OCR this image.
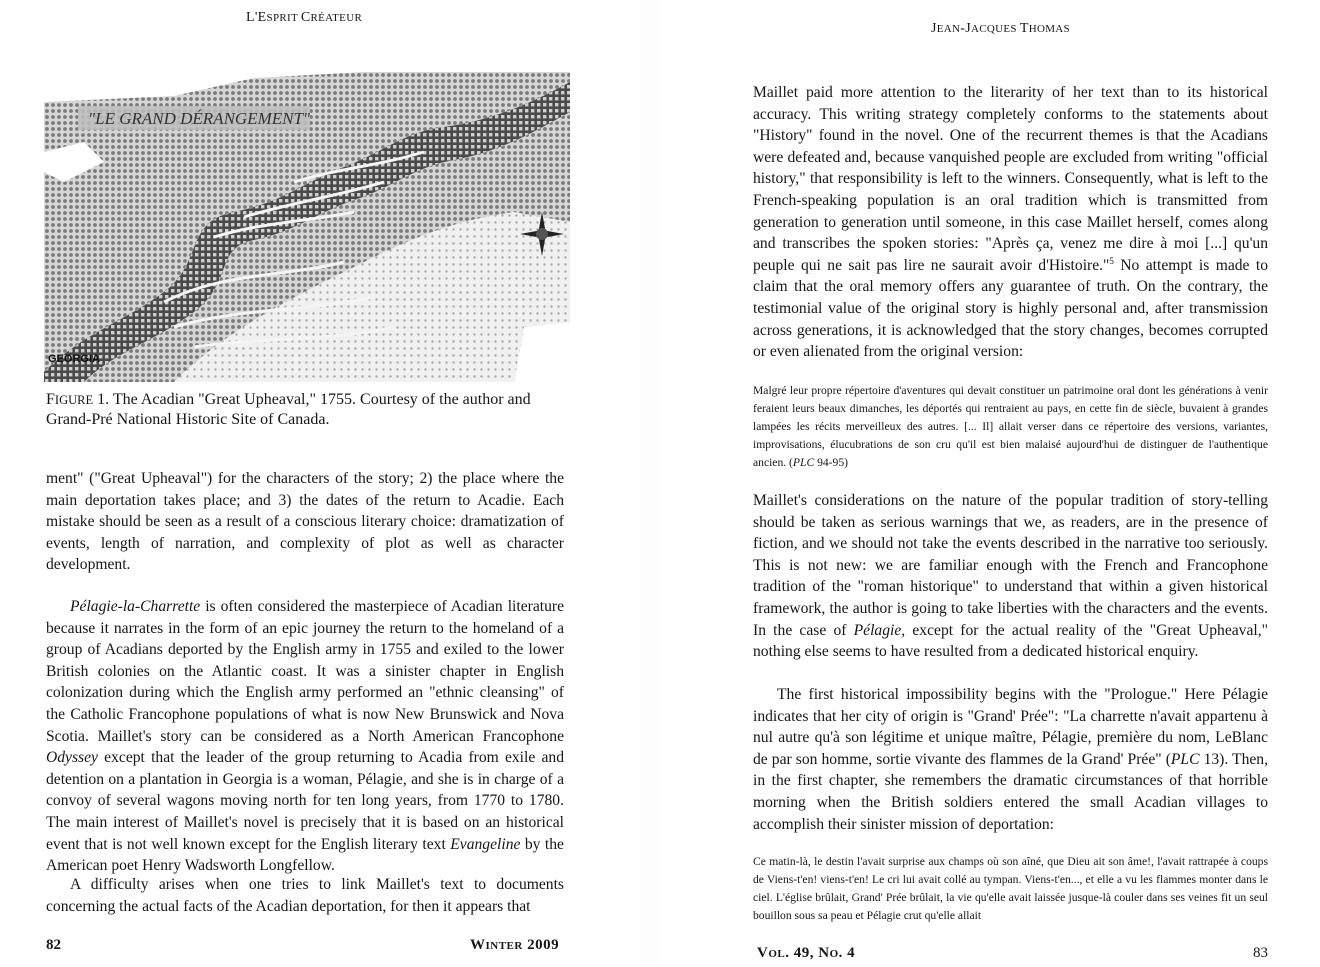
L'ESPRIT CRÉATEUR
"LE GRAND DÉRANGEMENT"
GEORGIA
FIGURE 1. The Acadian "Great Upheaval," 1755. Courtesy of the author and Grand-Pré National Historic Site of Canada.

ment" ("Great Upheaval") for the characters of the story; 2) the place where the main deportation takes place; and 3) the dates of the return to Acadie. Each mistake should be seen as a result of a conscious literary choice: dramatization of events, length of narration, and complexity of plot as well as character development.

Pélagie-la-Charrette is often considered the masterpiece of Acadian literature because it narrates in the form of an epic journey the return to the homeland of a group of Acadians deported by the English army in 1755 and exiled to the lower British colonies on the Atlantic coast. It was a sinister chapter in English colonization during which the English army performed an "ethnic cleansing" of the Catholic Francophone populations of what is now New Brunswick and Nova Scotia. Maillet's story can be considered as a North American Francophone Odyssey except that the leader of the group returning to Acadia from exile and detention on a plantation in Georgia is a woman, Pélagie, and she is in charge of a convoy of several wagons moving north for ten long years, from 1770 to 1780. The main interest of Maillet's novel is precisely that it is based on an historical event that is not well known except for the English literary text Evangeline by the American poet Henry Wadsworth Longfellow.

A difficulty arises when one tries to link Maillet's text to documents concerning the actual facts of the Acadian deportation, for then it appears that

82	WINTER 2009
JEAN-JACQUES THOMAS

Maillet paid more attention to the literarity of her text than to its historical accuracy. This writing strategy completely conforms to the statements about "History" found in the novel. One of the recurrent themes is that the Acadians were defeated and, because vanquished people are excluded from writing "official history," that responsibility is left to the winners. Consequently, what is left to the French-speaking population is an oral tradition which is transmitted from generation to generation until someone, in this case Maillet herself, comes along and transcribes the spoken stories: "Après ça, venez me dire à moi [...] qu'un peuple qui ne sait pas lire ne saurait avoir d'Histoire."$^5$ No attempt is made to claim that the oral memory offers any guarantee of truth. On the contrary, the testimonial value of the original story is highly personal and, after transmission across generations, it is acknowledged that the story changes, becomes corrupted or even alienated from the original version:

Malgré leur propre répertoire d'aventures qui devait constituer un patrimoine oral dont les générations à venir feraient leurs beaux dimanches, les déportés qui rentraient au pays, en cette fin de siècle, buvaient à grandes lampées les récits merveilleux des autres. [... Il] allait verser dans ce répertoire des versions, variantes, improvisations, élucubrations de son cru qu'il est bien malaisé aujourd'hui de distinguer de l'authentique ancien. (PLC 94-95)

Maillet's considerations on the nature of the popular tradition of story-telling should be taken as serious warnings that we, as readers, are in the presence of fiction, and we should not take the events described in the narrative too seriously. This is not new: we are familiar enough with the French and Francophone tradition of the "roman historique" to understand that within a given historical framework, the author is going to take liberties with the characters and the events. In the case of Pélagie, except for the actual reality of the "Great Upheaval," nothing else seems to have resulted from a dedicated historical enquiry.

The first historical impossibility begins with the "Prologue." Here Pélagie indicates that her city of origin is "Grand' Prée": "La charrette n'avait appartenu à nul autre qu'à son légitime et unique maître, Pélagie, première du nom, LeBlanc de par son homme, sortie vivante des flammes de la Grand' Prée" (PLC 13). Then, in the first chapter, she remembers the dramatic circumstances of that horrible morning when the British soldiers entered the small Acadian villages to accomplish their sinister mission of deportation:

Ce matin-là, le destin l'avait surprise aux champs où son aîné, que Dieu ait son âme!, l'avait rattrapée à coups de Viens-t'en! viens-t'en! Le cri lui avait collé au tympan. Viens-t'en..., et elle a vu les flammes monter dans le ciel. L'église brûlait, Grand' Prée brûlait, la vie qu'elle avait laissée jusque-là couler dans ses veines fit un seul bouillon sous sa peau et Pélagie crut qu'elle allait

VOL. 49, NO. 4	83
